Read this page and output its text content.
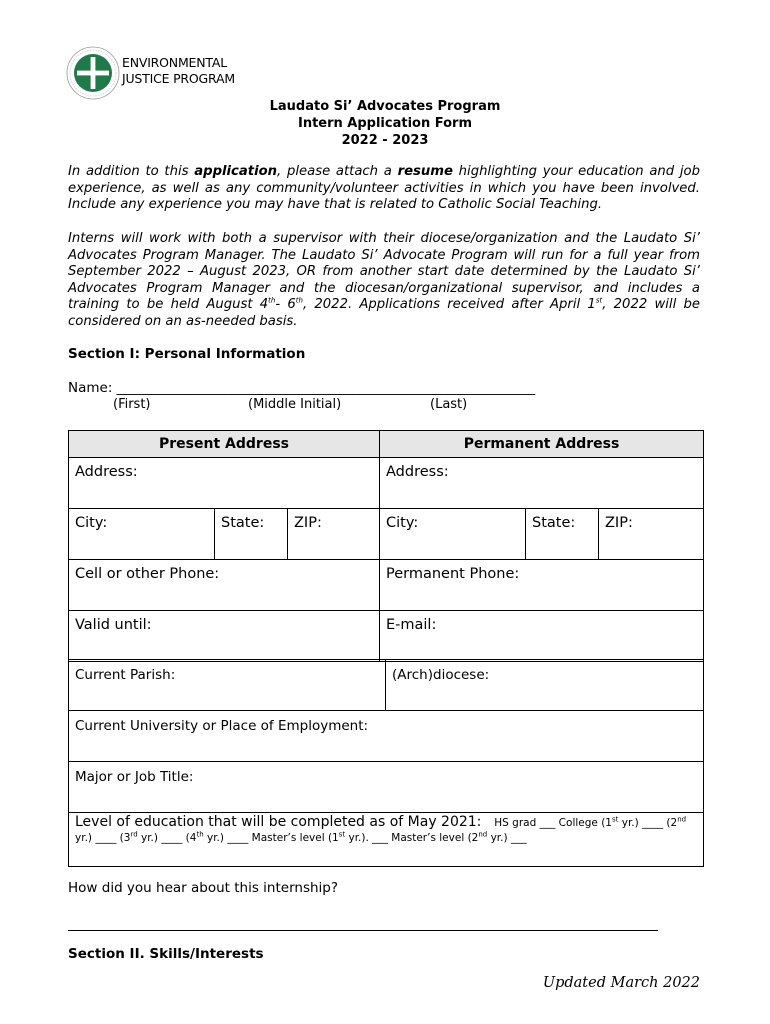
ENVIRONMENTAL
JUSTICE PROGRAM
Laudato Si’ Advocates Program
Intern Application Form
2022 - 2023
In addition to this application, please attach a resume highlighting your education and job experience, as well as any community/volunteer activities in which you have been involved. Include any experience you may have that is related to Catholic Social Teaching.
Interns will work with both a supervisor with their diocese/organization and the Laudato Si’ Advocates Program Manager. The Laudato Si’ Advocate Program will run for a full year from September 2022 – August 2023, OR from another start date determined by the Laudato Si’ Advocates Program Manager and the diocesan/organizational supervisor, and includes a training to be held August 4th- 6th, 2022. Applications received after April 1st, 2022 will be considered on an as-needed basis.
Section I: Personal Information
Name: ______________________________________________________________
(First)	(Middle Initial)	(Last)
Present Address			Permanent Address		
Address:			Address:		
City:	State:	ZIP:	City:	State:	ZIP:
Cell or other Phone:			Permanent Phone:		
Valid until:			E-mail:		
Current Parish:	(Arch)diocese:
Current University or Place of Employment:
Major or Job Title:
Level of education that will be completed as of May 2021: HS grad ___ College (1st yr.) ____ (2nd yr.) ____ (3rd yr.) ____ (4th yr.) ____ Master’s level (1st yr.). ___ Master’s level (2nd yr.) ___
How did you hear about this internship?
Section II. Skills/Interests
Updated March 2022
